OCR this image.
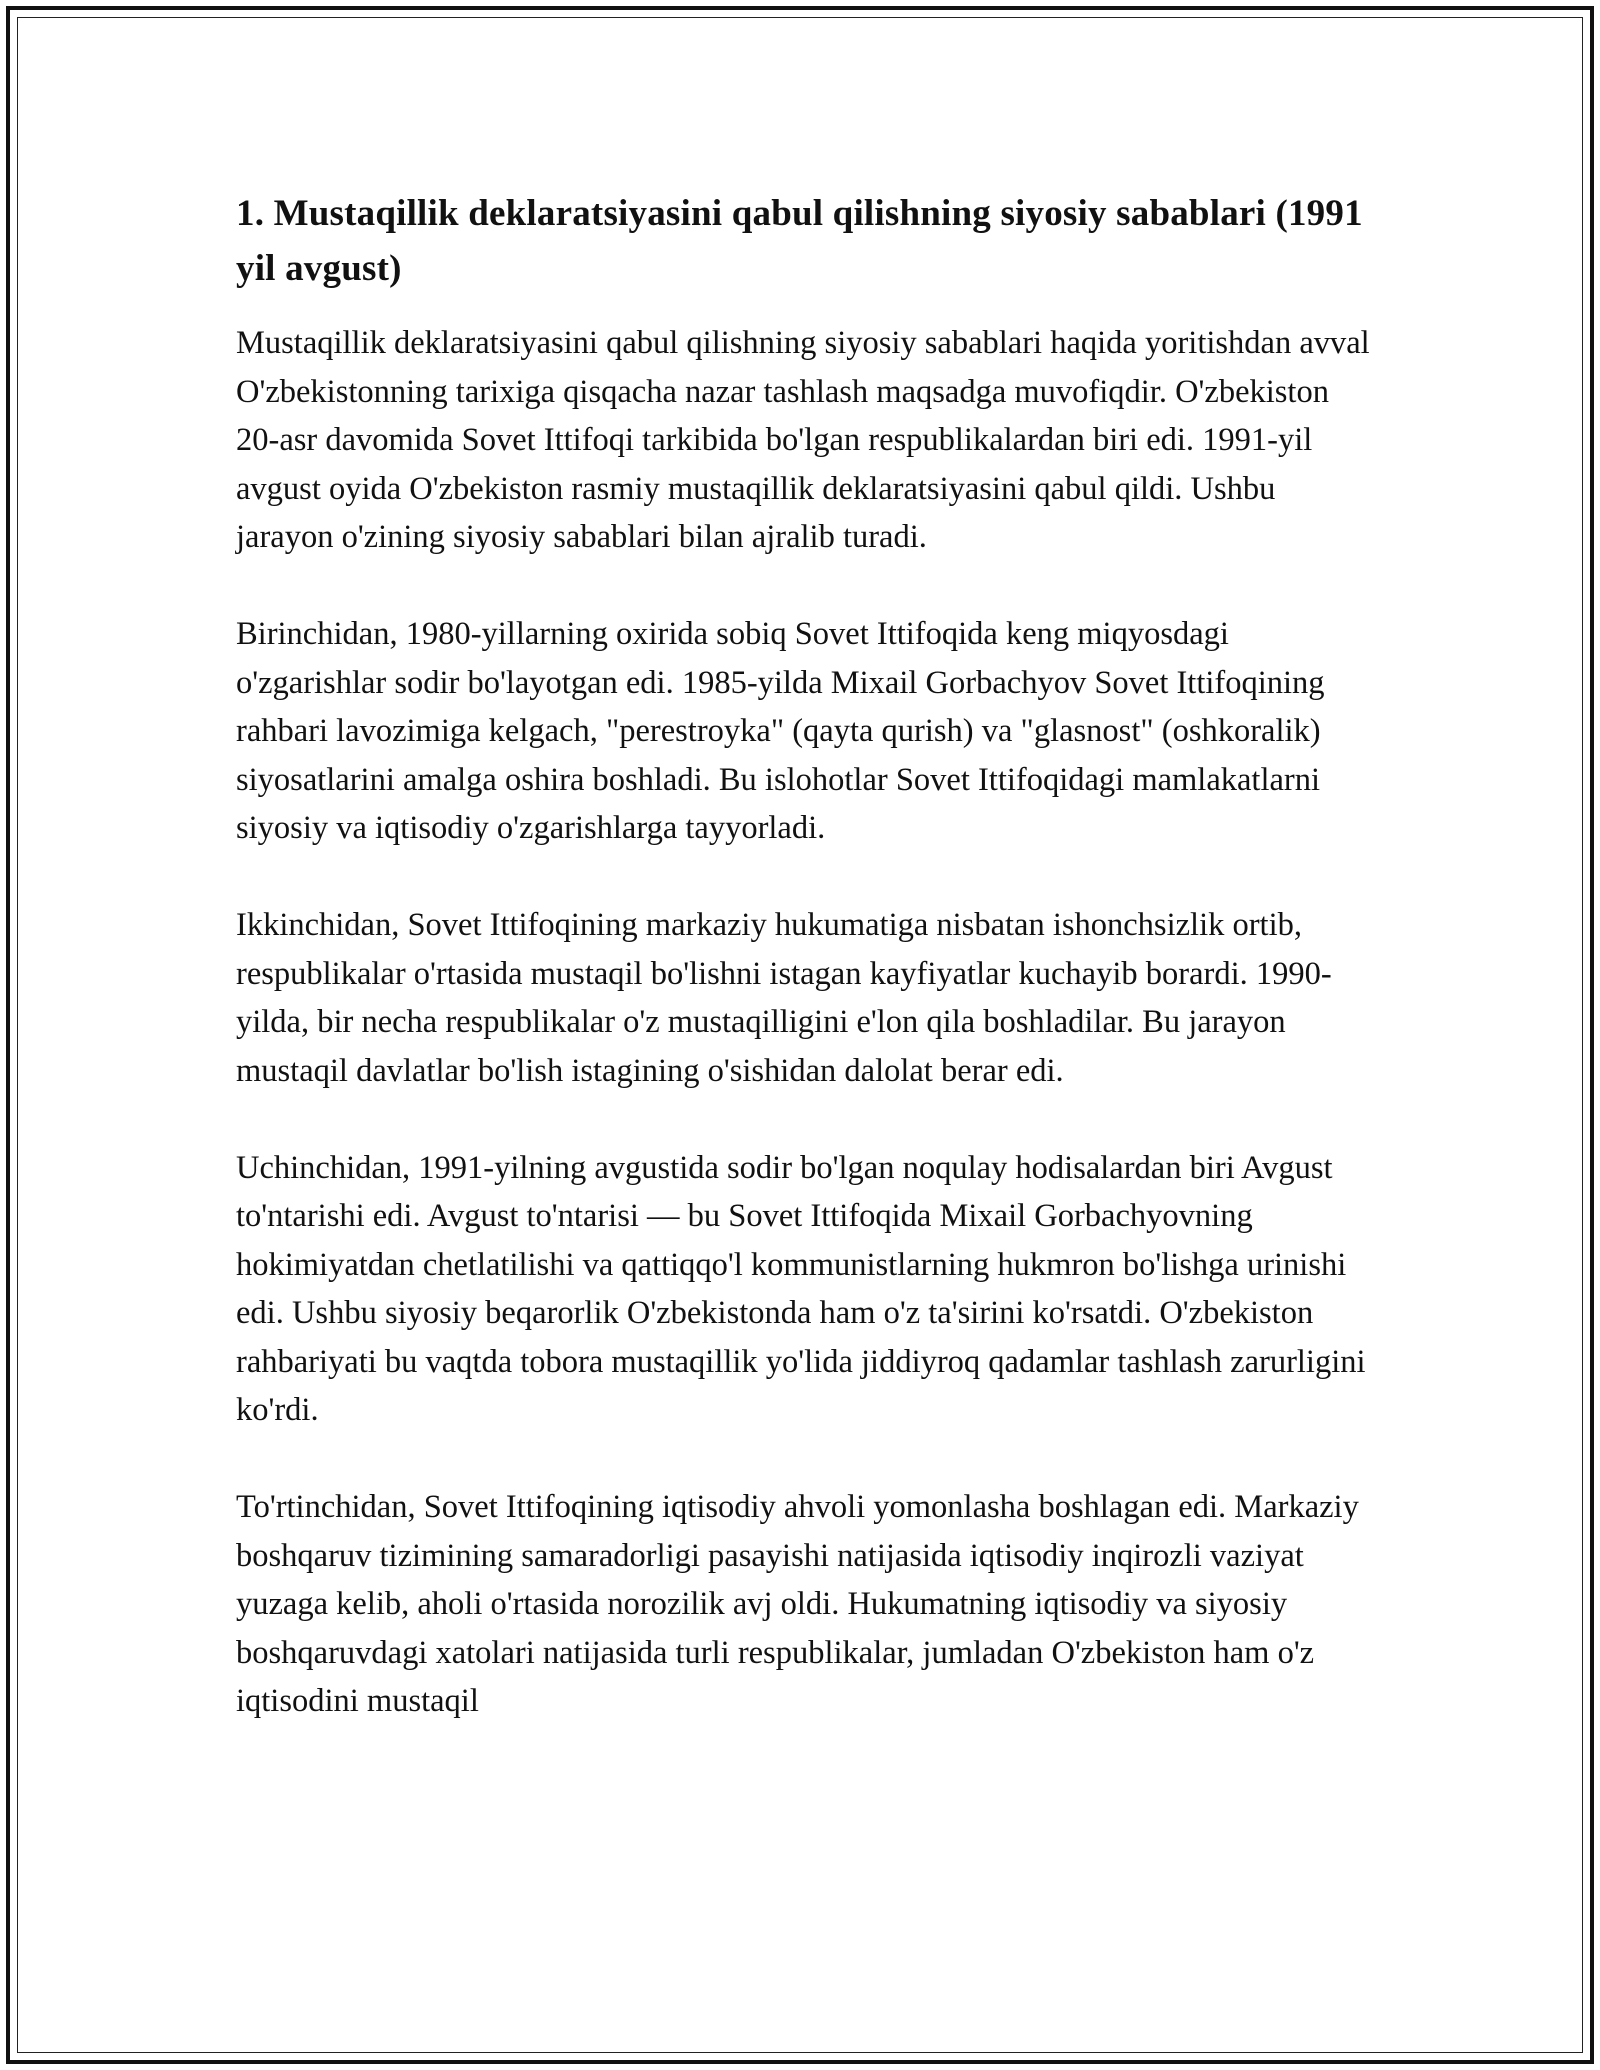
1. Mustaqillik deklaratsiyasini qabul qilishning siyosiy sabablari (1991 yil avgust)

Mustaqillik deklaratsiyasini qabul qilishning siyosiy sabablari haqida yoritishdan avval O'zbekistonning tarixiga qisqacha nazar tashlash maqsadga muvofiqdir. O'zbekiston 20-asr davomida Sovet Ittifoqi tarkibida bo'lgan respublikalardan biri edi. 1991-yil avgust oyida O'zbekiston rasmiy mustaqillik deklaratsiyasini qabul qildi. Ushbu jarayon o'zining siyosiy sabablari bilan ajralib turadi.

Birinchidan, 1980-yillarning oxirida sobiq Sovet Ittifoqida keng miqyosdagi o'zgarishlar sodir bo'layotgan edi. 1985-yilda Mixail Gorbachyov Sovet Ittifoqining rahbari lavozimiga kelgach, "perestroyka" (qayta qurish) va "glasnost" (oshkoralik) siyosatlarini amalga oshira boshladi. Bu islohotlar Sovet Ittifoqidagi mamlakatlarni siyosiy va iqtisodiy o'zgarishlarga tayyorladi.

Ikkinchidan, Sovet Ittifoqining markaziy hukumatiga nisbatan ishonchsizlik ortib, respublikalar o'rtasida mustaqil bo'lishni istagan kayfiyatlar kuchayib borardi. 1990-yilda, bir necha respublikalar o'z mustaqilligini e'lon qila boshladilar. Bu jarayon mustaqil davlatlar bo'lish istagining o'sishidan dalolat berar edi.

Uchinchidan, 1991-yilning avgustida sodir bo'lgan noqulay hodisalardan biri Avgust to'ntarishi edi. Avgust to'ntarisi — bu Sovet Ittifoqida Mixail Gorbachyovning hokimiyatdan chetlatilishi va qattiqqo'l kommunistlarning hukmron bo'lishga urinishi edi. Ushbu siyosiy beqarorlik O'zbekistonda ham o'z ta'sirini ko'rsatdi. O'zbekiston rahbariyati bu vaqtda tobora mustaqillik yo'lida jiddiyroq qadamlar tashlash zarurligini ko'rdi.

To'rtinchidan, Sovet Ittifoqining iqtisodiy ahvoli yomonlasha boshlagan edi. Markaziy boshqaruv tizimining samaradorligi pasayishi natijasida iqtisodiy inqirozli vaziyat yuzaga kelib, aholi o'rtasida norozilik avj oldi. Hukumatning iqtisodiy va siyosiy boshqaruvdagi xatolari natijasida turli respublikalar, jumladan O'zbekiston ham o'z iqtisodini mustaqil
